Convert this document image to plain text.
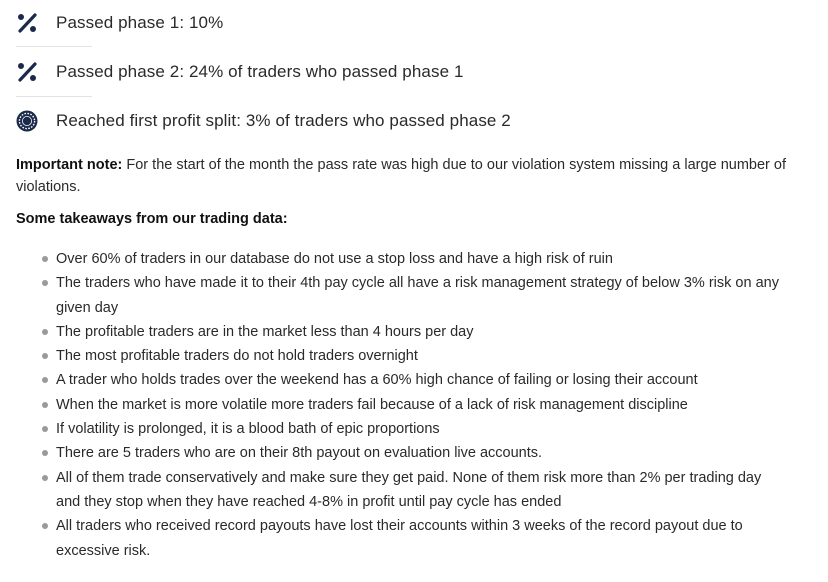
Passed phase 1: 10%
Passed phase 2: 24% of traders who passed phase 1
Reached first profit split: 3% of traders who passed phase 2

Important note: For the start of the month the pass rate was high due to our violation system missing a large number of violations.

Some takeaways from our trading data:
Over 60% of traders in our database do not use a stop loss and have a high risk of ruin
The traders who have made it to their 4th pay cycle all have a risk management strategy of below 3% risk on any given day
The profitable traders are in the market less than 4 hours per day
The most profitable traders do not hold traders overnight
A trader who holds trades over the weekend has a 60% high chance of failing or losing their account
When the market is more volatile more traders fail because of a lack of risk management discipline
If volatility is prolonged, it is a blood bath of epic proportions
There are 5 traders who are on their 8th payout on evaluation live accounts.
All of them trade conservatively and make sure they get paid. None of them risk more than 2% per trading day and they stop when they have reached 4-8% in profit until pay cycle has ended
All traders who received record payouts have lost their accounts within 3 weeks of the record payout due to excessive risk.
